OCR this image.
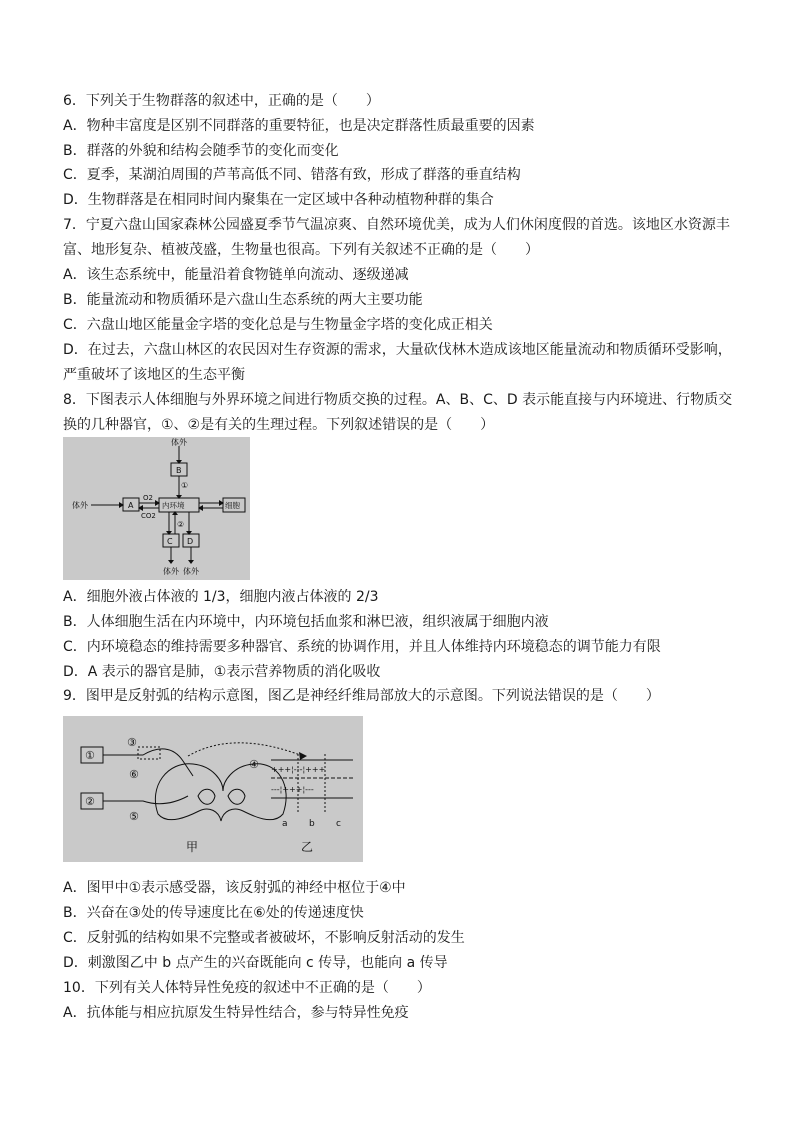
6．下列关于生物群落的叙述中，正确的是（　　）
A．物种丰富度是区别不同群落的重要特征，也是决定群落性质最重要的因素
B．群落的外貌和结构会随季节的变化而变化
C．夏季，某湖泊周围的芦苇高低不同、错落有致，形成了群落的垂直结构
D．生物群落是在相同时间内聚集在一定区域中各种动植物种群的集合
7．宁夏六盘山国家森林公园盛夏季节气温凉爽、自然环境优美，成为人们休闲度假的首选。该地区水资源丰
富、地形复杂、植被茂盛，生物量也很高。下列有关叙述不正确的是（　　）
A．该生态系统中，能量沿着食物链单向流动、逐级递减
B．能量流动和物质循环是六盘山生态系统的两大主要功能
C．六盘山地区能量金字塔的变化总是与生物量金字塔的变化成正相关
D．在过去，六盘山林区的农民因对生存资源的需求，大量砍伐林木造成该地区能量流动和物质循环受影响，
严重破坏了该地区的生态平衡
8．下图表示人体细胞与外界环境之间进行物质交换的过程。A、B、C、D 表示能直接与内环境进、行物质交
换的几种器官，①、②是有关的生理过程。下列叙述错误的是（　　）
体外
B
①
体外	A
O2
CO2
内环境	细胞
②
C D
体外 体外
A．细胞外液占体液的 1/3，细胞内液占体液的 2/3
B．人体细胞生活在内环境中，内环境包括血浆和淋巴液，组织液属于细胞内液
C．内环境稳态的维持需要多种器官、系统的协调作用，并且人体维持内环境稳态的调节能力有限
D．A 表示的器官是肺，①表示营养物质的消化吸收
9．图甲是反射弧的结构示意图，图乙是神经纤维局部放大的示意图。下列说法错误的是（　　）
①
②
③
④
⑤
⑥	+++¦---¦+++
---¦+++¦---
a b c
甲	乙
A．图甲中①表示感受器，该反射弧的神经中枢位于④中
B．兴奋在③处的传导速度比在⑥处的传递速度快
C．反射弧的结构如果不完整或者被破坏，不影响反射活动的发生
D．刺激图乙中 b 点产生的兴奋既能向 c 传导，也能向 a 传导
10．下列有关人体特异性免疫的叙述中不正确的是（　　）
A．抗体能与相应抗原发生特异性结合，参与特异性免疫
